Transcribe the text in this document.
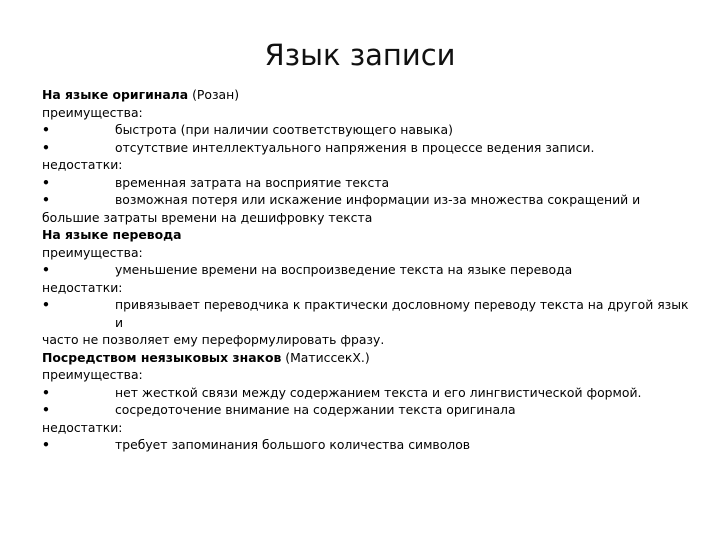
Язык записи

На языке оригинала (Розан)

преимущества:

•	быстрота (при наличии соответствующего навыка)
•	отсутствие интеллектуального напряжения в процессе ведения записи.

недостатки:

•	временная затрата на восприятие текста
•	возможная потеря или искажение информации из-за множества сокращений и

большие затраты времени на дешифровку текста

На языке перевода

преимущества:

•	уменьшение времени на воспроизведение текста на языке перевода

недостатки:

•	привязывает переводчика к практически дословному переводу текста на другой язык и

часто не позволяет ему переформулировать фразу.

Посредством неязыковых знаков (МатиссекХ.)

преимущества:

•	нет жесткой связи между содержанием текста и его лингвистической формой.
•	сосредоточение внимание на содержании текста оригинала

недостатки:

•	требует запоминания большого количества символов
